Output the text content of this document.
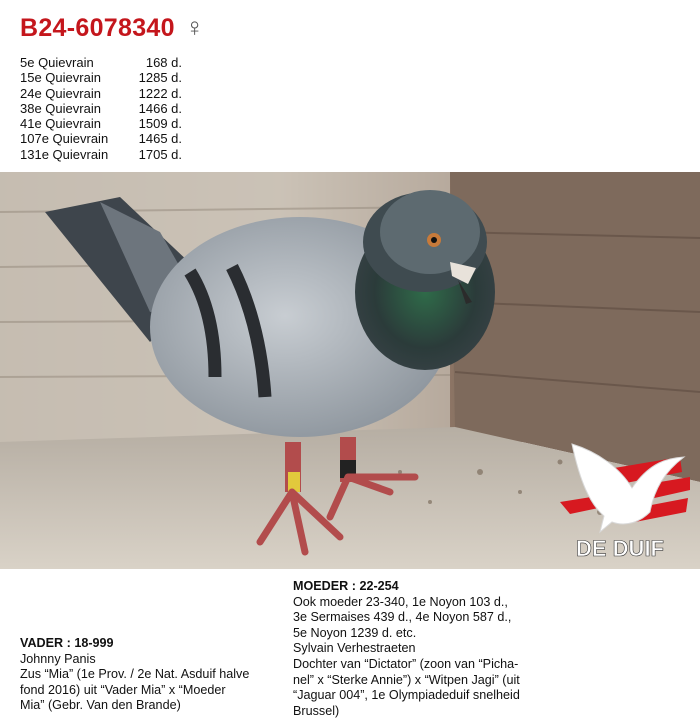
B24-6078340 ♀
5e Quievrain	168 d.
15e Quievrain	1285 d.
24e Quievrain	1222 d.
38e Quievrain	1466 d.
41e Quievrain	1509 d.
107e Quievrain	1465 d.
131e Quievrain	1705 d.
DE DUIF
MOEDER : 22-254
Ook moeder 23-340, 1e Noyon 103 d.,
3e Sermaises 439 d., 4e Noyon 587 d.,
5e Noyon 1239 d. etc.
Sylvain Verhestraeten
Dochter van “Dictator” (zoon van “Picha-
nel” x “Sterke Annie”) x “Witpen Jagi” (uit
“Jaguar 004”, 1e Olympiadeduif snelheid
Brussel)
VADER : 18-999
Johnny Panis
Zus “Mia” (1e Prov. / 2e Nat. Asduif halve
fond 2016) uit “Vader Mia” x “Moeder
Mia” (Gebr. Van den Brande)
